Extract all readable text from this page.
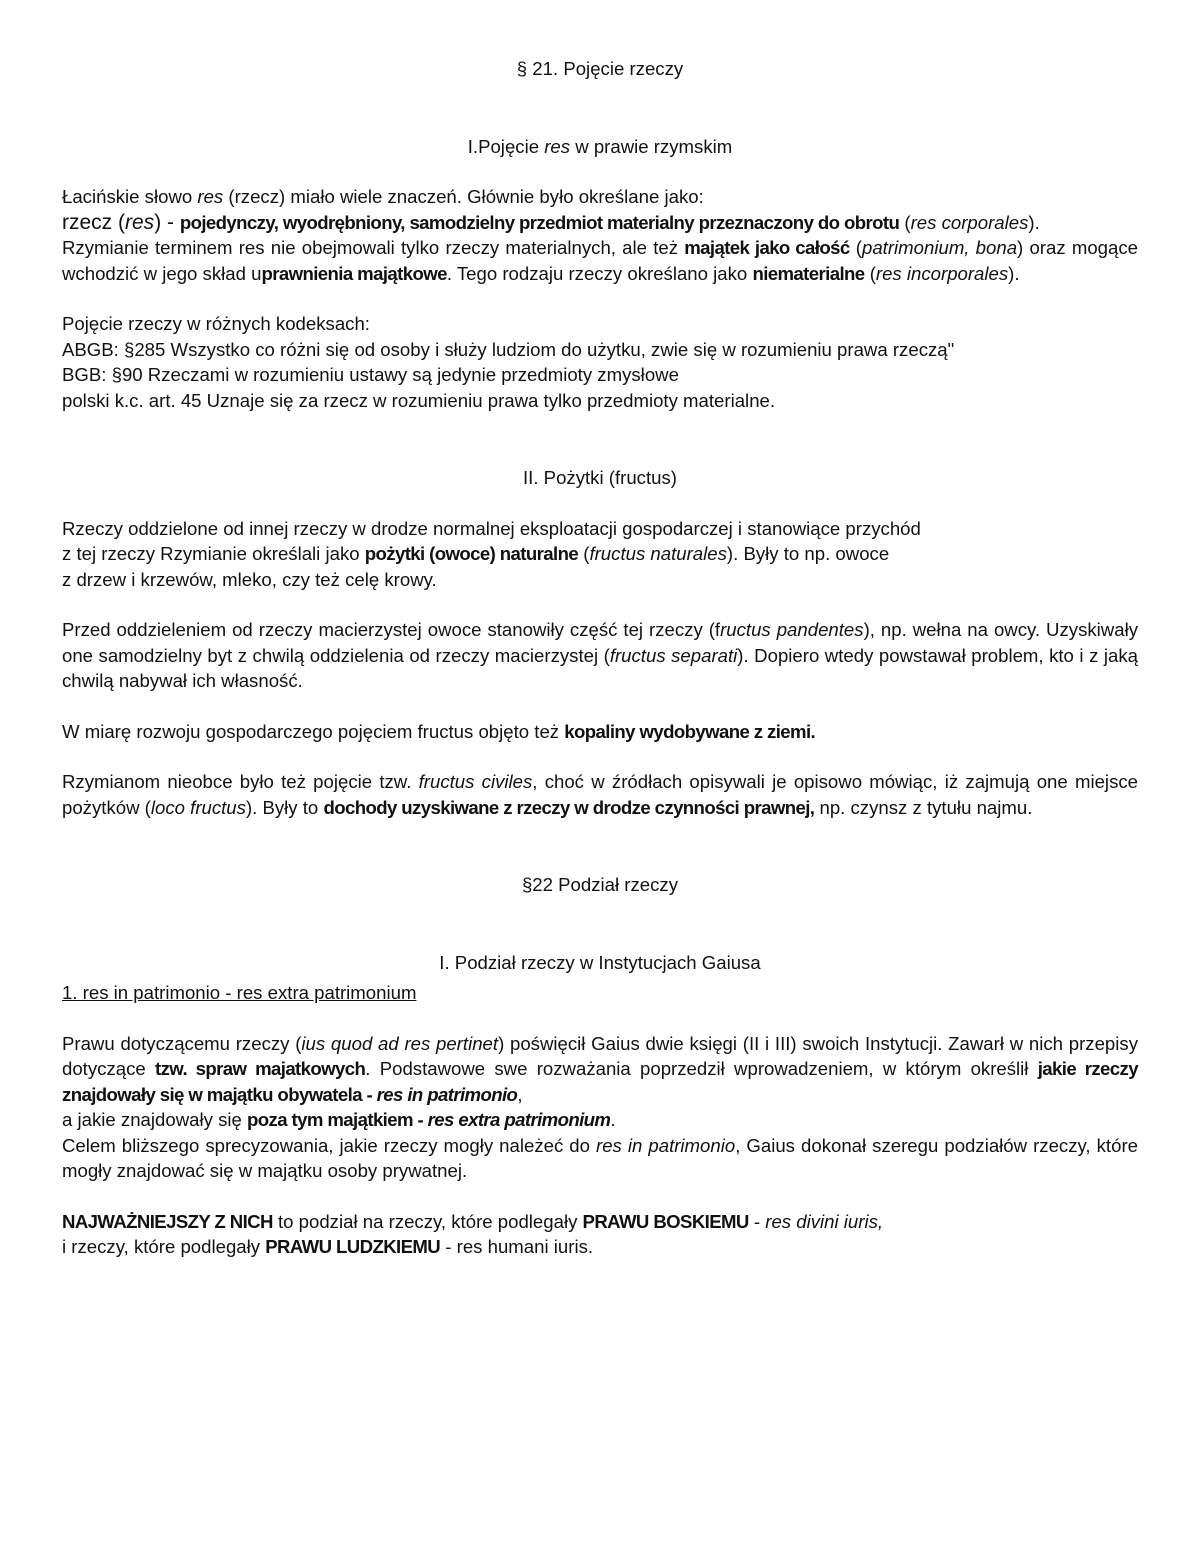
§ 21. Pojęcie rzeczy

I.Pojęcie res w prawie rzymskim

Łacińskie słowo res (rzecz) miało wiele znaczeń. Głównie było określane jako:
rzecz (res) - pojedynczy, wyodrębniony, samodzielny przedmiot materialny przeznaczony do obrotu (res corporales).

Rzymianie terminem res nie obejmowali tylko rzeczy materialnych, ale też majątek jako całość (patrimonium, bona) oraz mogące wchodzić w jego skład uprawnienia majątkowe. Tego rodzaju rzeczy określano jako niematerialne (res incorporales).

Pojęcie rzeczy w różnych kodeksach:

ABGB: §285 Wszystko co różni się od osoby i służy ludziom do użytku, zwie się w rozumieniu prawa rzeczą"

BGB: §90 Rzeczami w rozumieniu ustawy są jedynie przedmioty zmysłowe

polski k.c. art. 45 Uznaje się za rzecz w rozumieniu prawa tylko przedmioty materialne.

II. Pożytki (fructus)

Rzeczy oddzielone od innej rzeczy w drodze normalnej eksploatacji gospodarczej i stanowiące przychód
z tej rzeczy Rzymianie określali jako pożytki (owoce) naturalne (fructus naturales). Były to np. owoce
z drzew i krzewów, mleko, czy też celę krowy.

Przed oddzieleniem od rzeczy macierzystej owoce stanowiły część tej rzeczy (fructus pandentes), np. wełna na owcy. Uzyskiwały one samodzielny byt z chwilą oddzielenia od rzeczy macierzystej (fructus separati). Dopiero wtedy powstawał problem, kto i z jaką chwilą nabywał ich własność.

W miarę rozwoju gospodarczego pojęciem fructus objęto też kopaliny wydobywane z ziemi.

Rzymianom nieobce było też pojęcie tzw. fructus civiles, choć w źródłach opisywali je opisowo mówiąc, iż zajmują one miejsce pożytków (loco fructus). Były to dochody uzyskiwane z rzeczy w drodze czynności prawnej, np. czynsz z tytułu najmu.

§22 Podział rzeczy

I. Podział rzeczy w Instytucjach Gaiusa

1. res in patrimonio - res extra patrimonium

Prawu dotyczącemu rzeczy (ius quod ad res pertinet) poświęcił Gaius dwie księgi (II i III) swoich Instytucji. Zawarł w nich przepisy dotyczące tzw. spraw majatkowych. Podstawowe swe rozważania poprzedził wprowadzeniem, w którym określił jakie rzeczy znajdowały się w majątku obywatela - res in patrimonio,

a jakie znajdowały się poza tym majątkiem - res extra patrimonium.

Celem bliższego sprecyzowania, jakie rzeczy mogły należeć do res in patrimonio, Gaius dokonał szeregu podziałów rzeczy, które mogły znajdować się w majątku osoby prywatnej.

NAJWAŻNIEJSZY Z NICH to podział na rzeczy, które podlegały PRAWU BOSKIEMU - res divini iuris,
i rzeczy, które podlegały PRAWU LUDZKIEMU - res humani iuris.
